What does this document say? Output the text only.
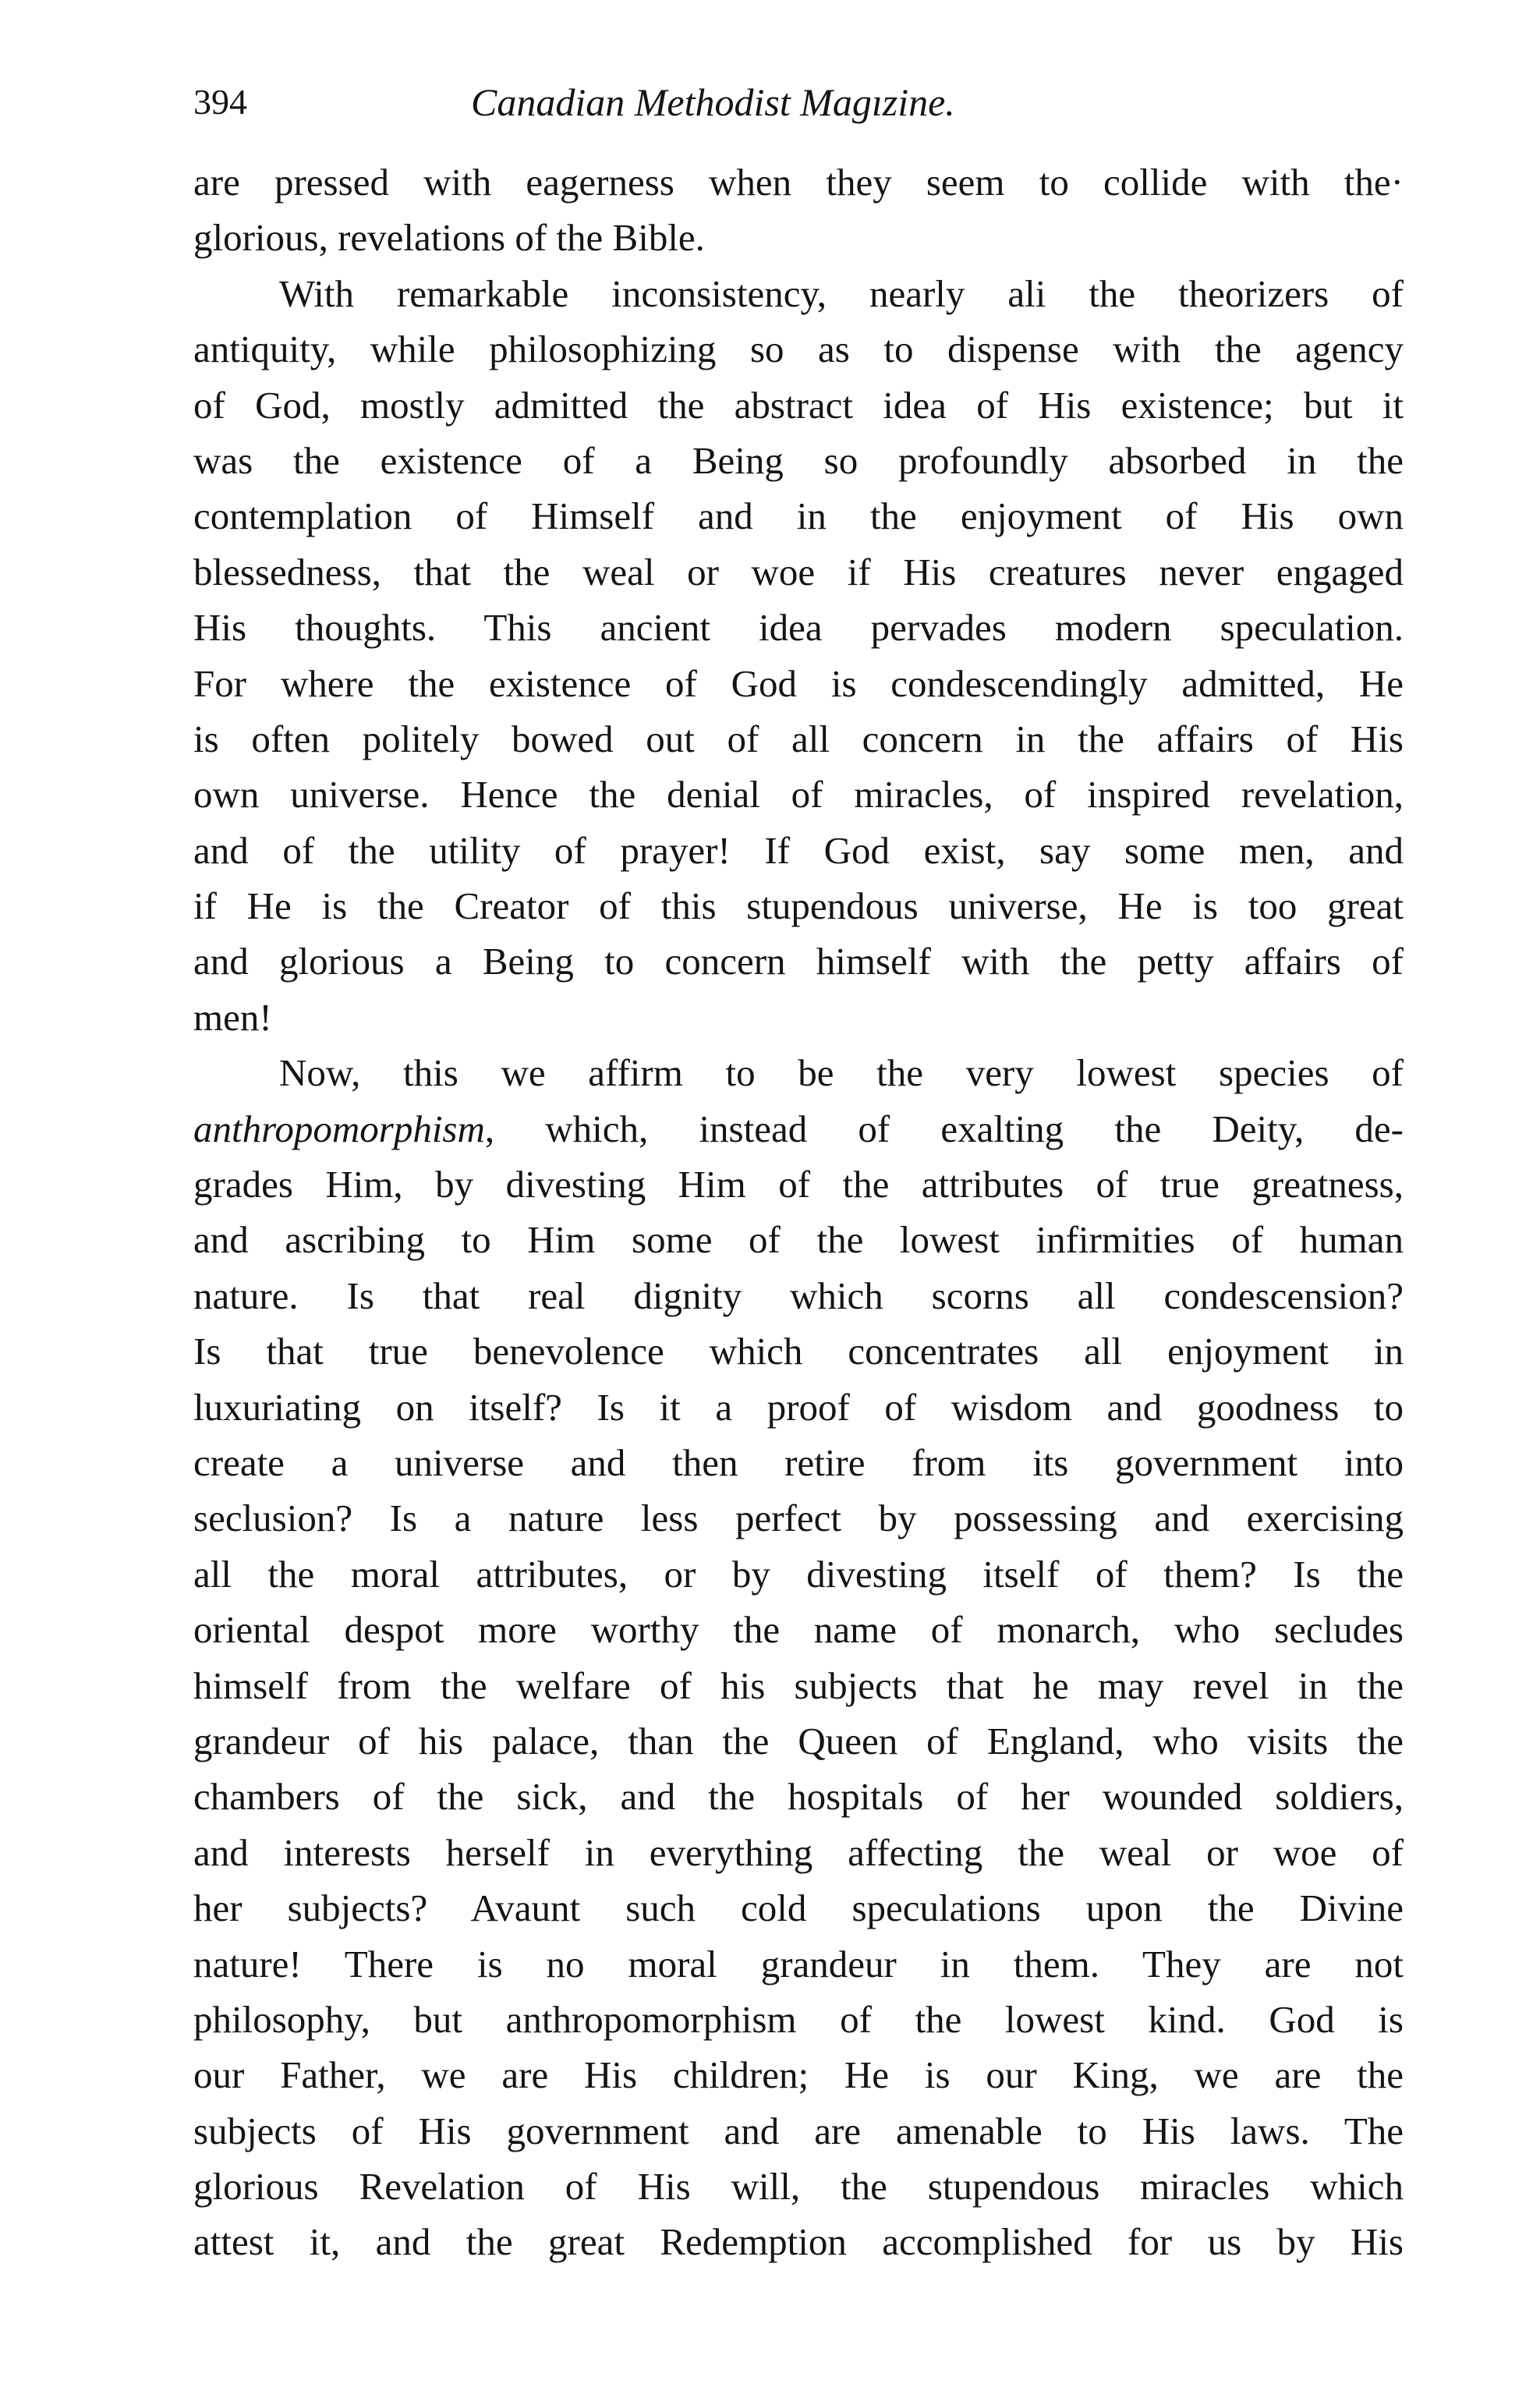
394	Canadian Methodist Magızine.
are pressed with eagerness when they seem to collide with the·
glorious, revelations of the Bible.
With remarkable inconsistency, nearly ali the theorizers of
antiquity, while philosophizing so as to dispense with the agency
of God, mostly admitted the abstract idea of His existence; but it
was the existence of a Being so profoundly absorbed in the
contemplation of Himself and in the enjoyment of His own
blessedness, that the weal or woe if His creatures never engaged
His thoughts. This ancient idea pervades modern speculation.
For where the existence of God is condescendingly admitted, He
is often politely bowed out of all concern in the affairs of His
own universe. Hence the denial of miracles, of inspired revelation,
and of the utility of prayer! If God exist, say some men, and
if He is the Creator of this stupendous universe, He is too great
and glorious a Being to concern himself with the petty affairs of
men!
Now, this we affirm to be the very lowest species of
anthropomorphism, which, instead of exalting the Deity, de-
grades Him, by divesting Him of the attributes of true greatness,
and ascribing to Him some of the lowest infirmities of human
nature. Is that real dignity which scorns all condescension?
Is that true benevolence which concentrates all enjoyment in
luxuriating on itself? Is it a proof of wisdom and goodness to
create a universe and then retire from its government into
seclusion? Is a nature less perfect by possessing and exercising
all the moral attributes, or by divesting itself of them? Is the
oriental despot more worthy the name of monarch, who secludes
himself from the welfare of his subjects that he may revel in the
grandeur of his palace, than the Queen of England, who visits the
chambers of the sick, and the hospitals of her wounded soldiers,
and interests herself in everything affecting the weal or woe of
her subjects? Avaunt such cold speculations upon the Divine
nature! There is no moral grandeur in them. They are not
philosophy, but anthropomorphism of the lowest kind. God is
our Father, we are His children; He is our King, we are the
subjects of His government and are amenable to His laws. The
glorious Revelation of His will, the stupendous miracles which
attest it, and the great Redemption accomplished for us by His
